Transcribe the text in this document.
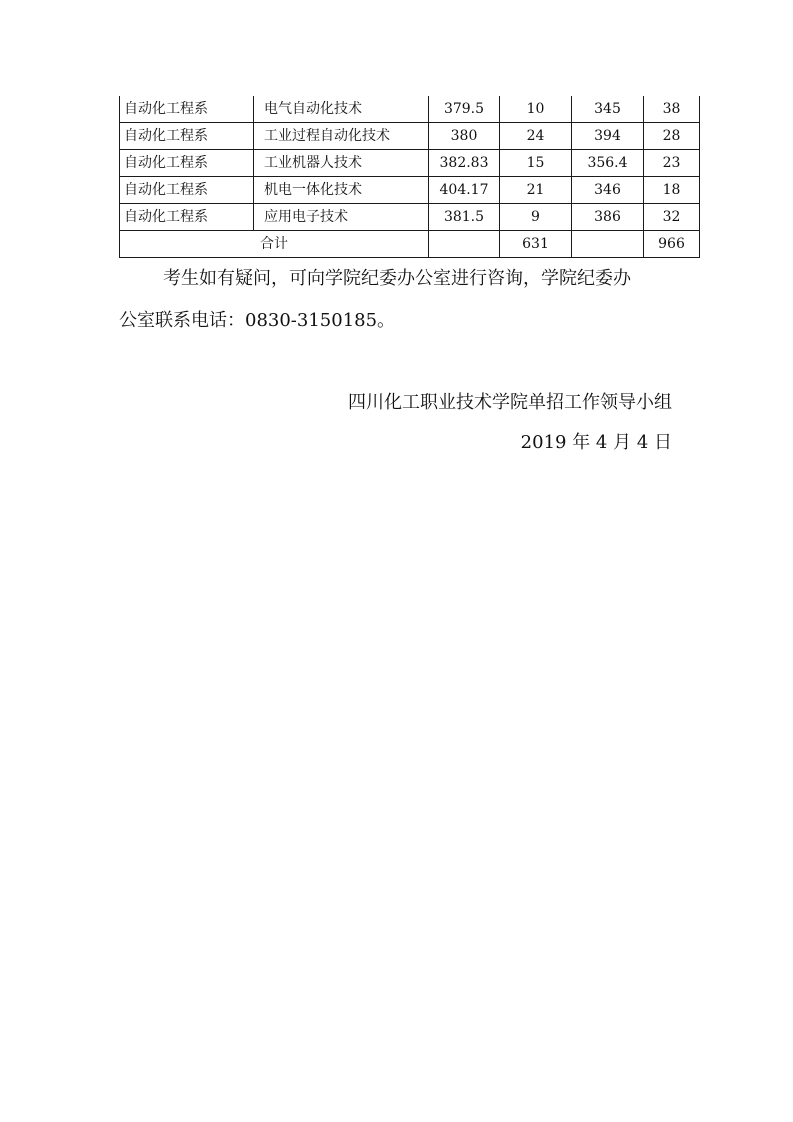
自动化工程系	电气自动化技术	379.5	10	345	38
自动化工程系	工业过程自动化技术	380	24	394	28
自动化工程系	工业机器人技术	382.83	15	356.4	23
自动化工程系	机电一体化技术	404.17	21	346	18
自动化工程系	应用电子技术	381.5	9	386	32
合计			631		966

考生如有疑问，可向学院纪委办公室进行咨询，学院纪委办

公室联系电话：0830-3150185。

四川化工职业技术学院单招工作领导小组

2019 年 4 月 4 日
